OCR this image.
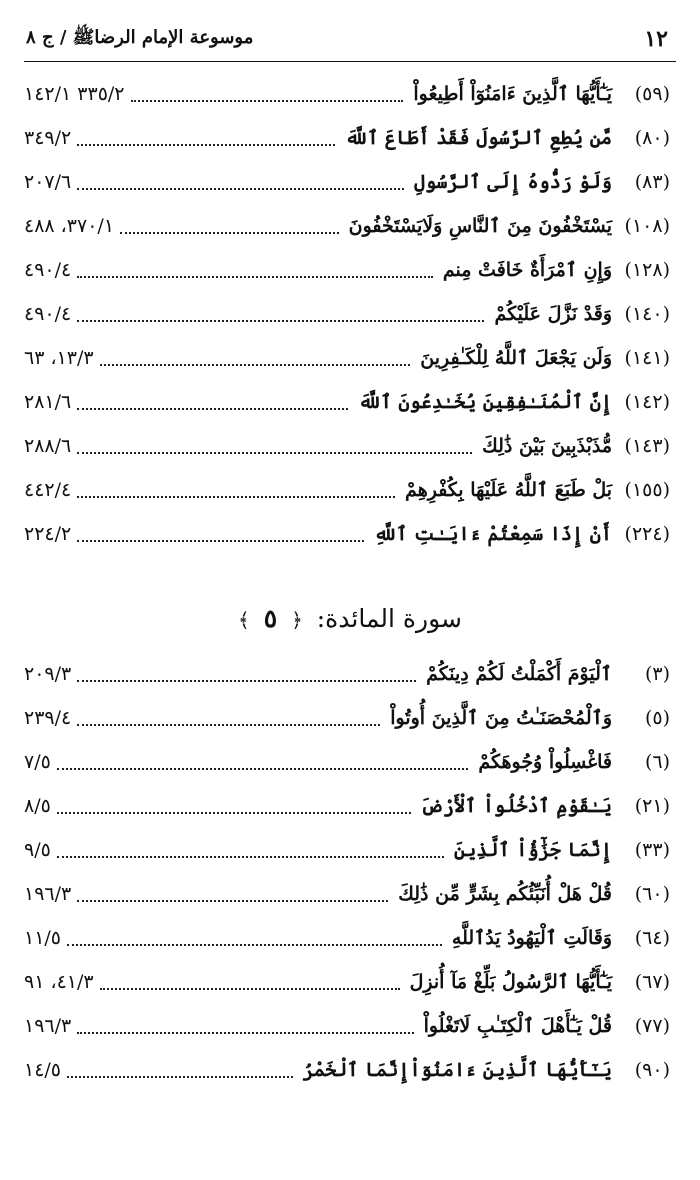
١٢
موسوعة الإمام الرضاﷺ / ج ٨
(٥٩)
يَـٰٓأَيُّهَا ٱلَّذِينَ ءَامَنُوٓاْ أَطِيعُواْ
٣٣٥/٢ ١٤٢/١
(٨٠)
مَّن يُطِعِ ٱلرَّسُولَ فَقَدْ أَطَاعَ ٱللَّهَ
٣٤٩/٢
(٨٣)
وَلَوْ رَدُّوهُ إِلَى ٱلرَّسُولِ
٢٠٧/٦
(١٠٨)
يَسْتَخْفُونَ مِنَ ٱلنَّاسِ وَلَايَسْتَخْفُونَ
٣٧٠/١، ٤٨٨
(١٢٨)
وَإِنِ ٱمْرَأَةٌ خَافَتْ مِنم
٤٩٠/٤
(١٤٠)
وَقَدْ نَزَّلَ عَلَيْكُمْ
٤٩٠/٤
(١٤١)
وَلَن يَجْعَلَ ٱللَّهُ لِلْكَـٰفِرِينَ
١٣/٣، ٦٣
(١٤٢)
إِنَّ ٱلْمُنَـٰفِقِينَ يُخَـٰدِعُونَ ٱللَّهَ
٢٨١/٦
(١٤٣)
مُّذَبْذَبِينَ بَيْنَ ذَٰلِكَ
٢٨٨/٦
(١٥٥)
بَلْ طَبَعَ ٱللَّهُ عَلَيْهَا بِكُفْرِهِمْ
٤٤٢/٤
(٢٢٤)
أَنْ إِذَا سَمِعْتُمْ ءَايَـٰتِ ٱللَّهِ
٢٢٤/٢
سورة المائدة: ﴿ ٥ ﴾
(٣)
ٱلْيَوْمَ أَكْمَلْتُ لَكُمْ دِينَكُمْ
٢٠٩/٣
(٥)
وَٱلْمُحْصَنَـٰتُ مِنَ ٱلَّذِينَ أُوتُواْ
٢٣٩/٤
(٦)
فَاغْسِلُواْ وُجُوهَكُمْ
٧/٥
(٢١)
يَـٰقَوْمِ ٱدْخُلُواْ ٱلْأَرْضَ
٨/٥
(٣٣)
إِنَّمَا جَزَٰٓؤُاْ ٱلَّذِينَ
٩/٥
(٦٠)
قُلْ هَلْ أُنَبِّئُكُم بِشَرٍّ مِّن ذَٰلِكَ
١٩٦/٣
(٦٤)
وَقَالَتِ ٱلْيَهُودُ يَدُٱللَّهِ
١١/٥
(٦٧)
يَـٰٓأَيُّهَا ٱلرَّسُولُ بَلِّغْ مَآ أُنزِلَ
٤١/٣، ٩١
(٧٧)
قُلْ يَـٰٓأَهْلَ ٱلْكِتَـٰبِ لَاتَغْلُواْ
١٩٦/٣
(٩٠)
يَـٰٓأَيُّهَا ٱلَّذِينَ ءَامَنُوٓاْإِنَّمَا ٱلْخَمْرُ
١٤/٥
